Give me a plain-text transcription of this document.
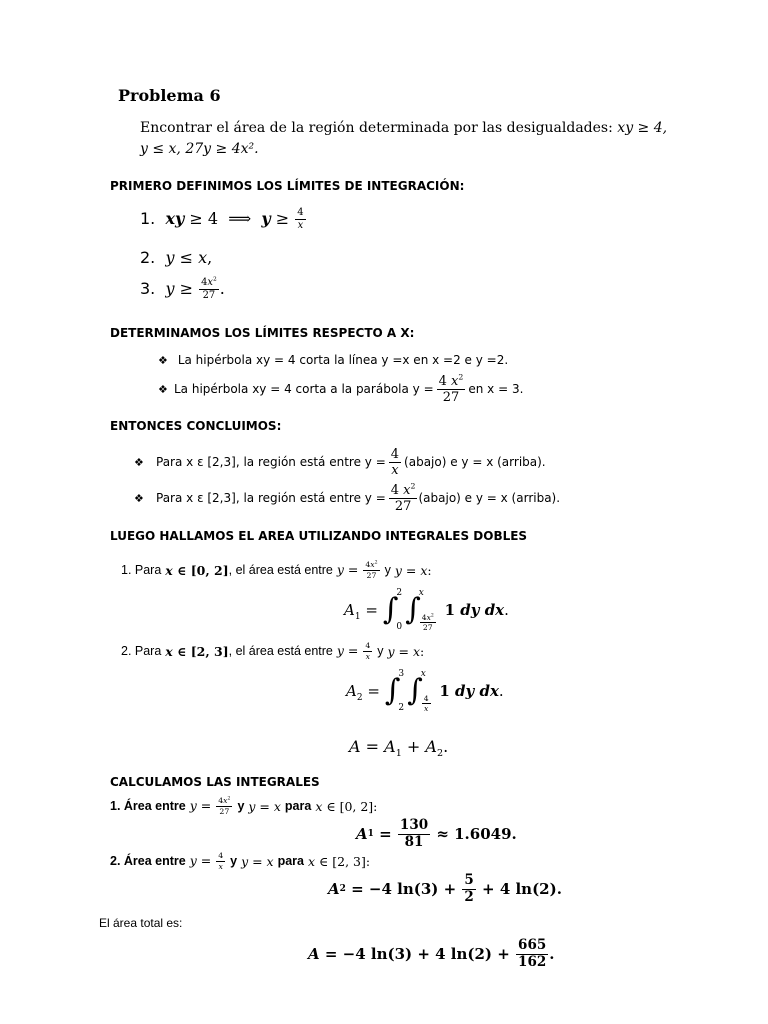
Problema 6
Encontrar el área de la región determinada por las desigualdades: xy ≥ 4,
y ≤ x, 27y ≥ 4x².
PRIMERO DEFINIMOS LOS LÍMITES DE INTEGRACIÓN:
1. xy ≥ 4  ⟹  $y \ge \frac{4}{x}$
2. y ≤ x,
3. $y \ge \frac{4x^2}{27}$ .
DETERMINAMOS LOS LÍMITES RESPECTO A X:
❖ La hipérbola xy = 4 corta la línea y =x en x =2 e y =2.
❖ La hipérbola xy = 4 corta a la parábola $y = \frac{4 x^2}{27}$ en x = 3.
ENTONCES CONCLUIMOS:
❖	Para x ε [2,3], la región está entre $y = \frac{4}{x}$ (abajo) e y = x (arriba).
❖	Para x ε [2,3], la región está entre $y = \frac{4 x^2}{27}$ (abajo) e y = x (arriba).
LUEGO HALLAMOS EL AREA UTILIZANDO INTEGRALES DOBLES
1. Para x ∈ [0, 2] , el área está entre $y = \frac{4x^2}{27}$
y y = x:
$A_1$ = ∫
2
0 ∫
x
$\frac{4x^2}{27}$
1 dy dx.
2. Para x ∈ [2, 3] , el área está entre $y = \frac{4}{x}$
y y = x:
$A_2$ = ∫
3
2 ∫
x
$\frac{4}{x}$
1 dy dx.
$A = A_1 + A_2$.
CALCULAMOS LAS INTEGRALES
1. Área entre $y = \frac{4x^2}{27}$
y y = x para x ∈ [0, 2]:
A $1 = \frac{130}{81} \approx 1.6049$.
2. Área entre $y = \frac{4}{x}$
y y = x para x ∈ [2, 3]:
A 2 = −4 $\ln(3) + \frac{5}{2} + 4$ ln(2).
El área total es:
A = −4 ln(3) + 4 $\ln(2) + \frac{665}{162}$ .
